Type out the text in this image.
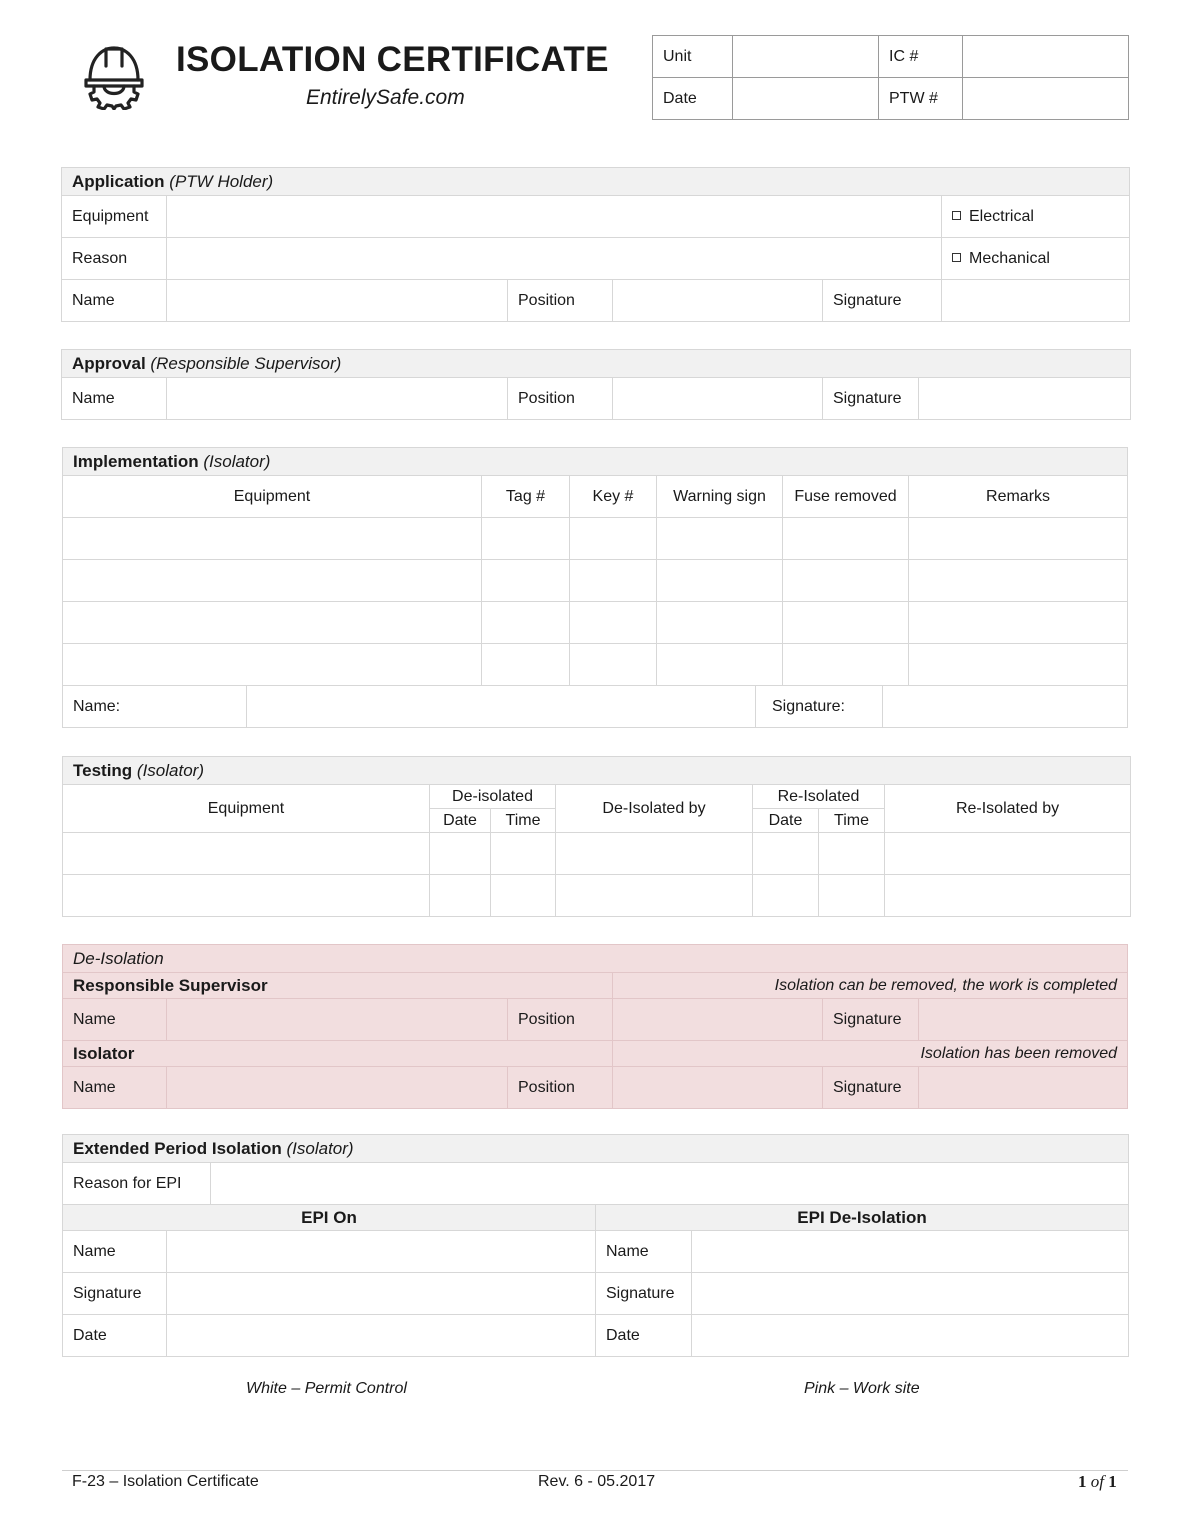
ISOLATION CERTIFICATE
EntirelySafe.com
Unit		IC #	
Date		PTW #	
Application (PTW Holder)					
Equipment					Electrical
Reason					Mechanical
Name		Position		Signature	
Approval (Responsible Supervisor)
Name		Position		Signature	
Implementation (Isolator)								
Equipment		Tag #	Key #	Warning sign		Fuse removed		Remarks

Name:					Signature:			
Testing (Isolator)						
Equipment	De-isolated		De-Isolated by	Re-Isolated		Re-Isolated by
	Date	Time		Date	Time	

De-Isolation					
Responsible Supervisor			Isolation can be removed, the work is completed		
Name		Position		Signature	
Isolator			Isolation has been removed		
Name		Position		Signature	
Extended Period Isolation (Isolator)				
Reason for EPI				
EPI On			EPI De-Isolation	
Name			Name	
Signature			Signature	
Date			Date	
White – Permit Control	Pink – Work site
F-23 – Isolation Certificate	Rev. 6 - 05.2017	1 of 1
